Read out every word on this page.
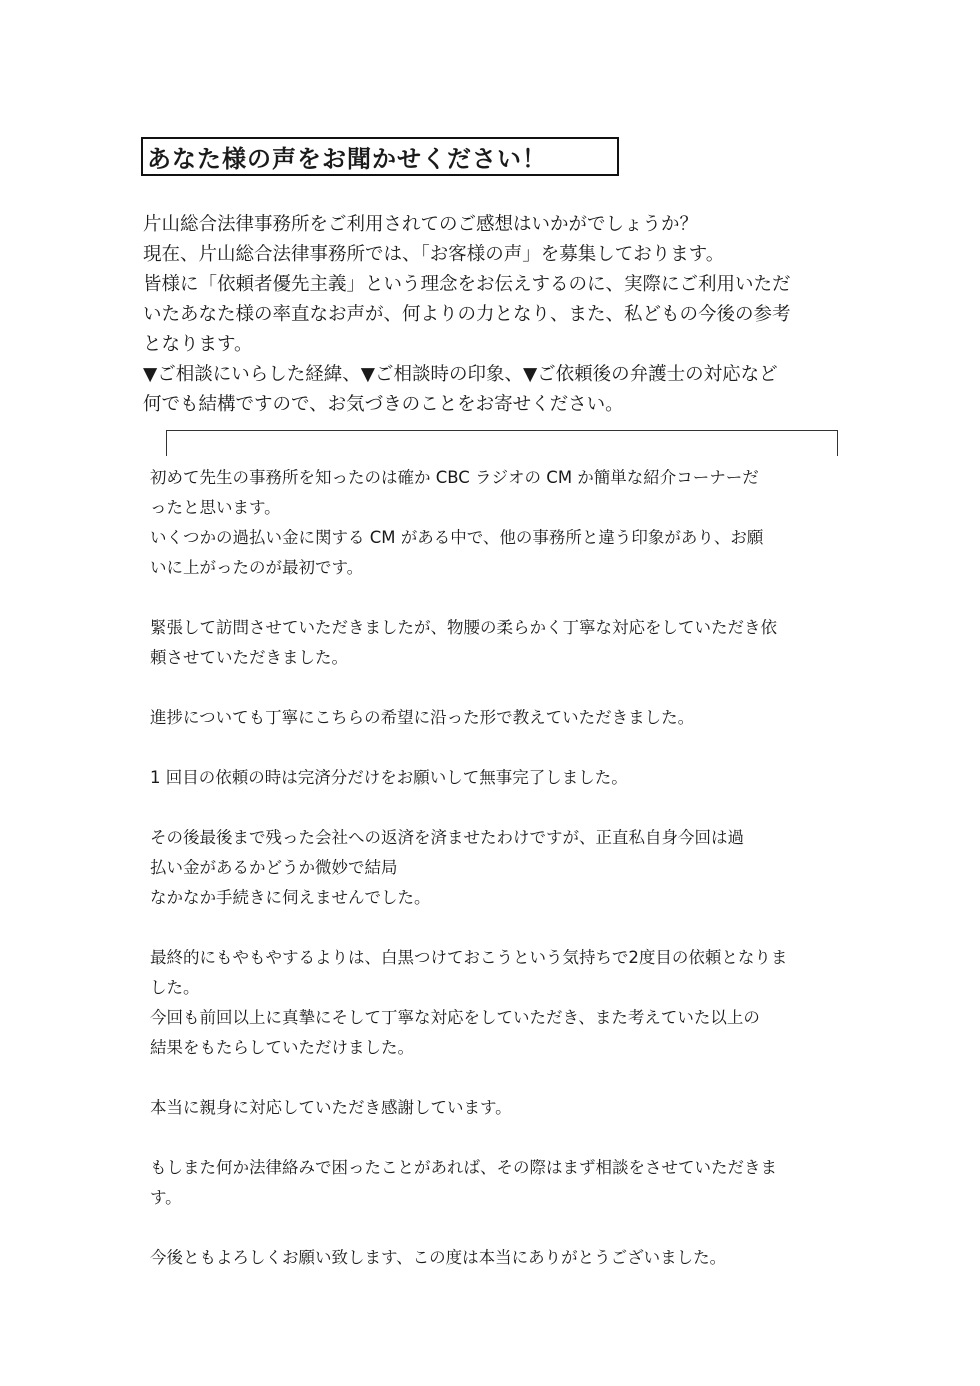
あなた様の声をお聞かせください！

片山総合法律事務所をご利用されてのご感想はいかがでしょうか？

現在、片山総合法律事務所では、「お客様の声」を募集しております。

皆様に「依頼者優先主義」という理念をお伝えするのに、実際にご利用いただ

いたあなた様の率直なお声が、何よりの力となり、また、私どもの今後の参考

となります。

▼ご相談にいらした経緯、▼ご相談時の印象、▼ご依頼後の弁護士の対応など

何でも結構ですので、お気づきのことをお寄せください。

初めて先生の事務所を知ったのは確か CBC ラジオの CM か簡単な紹介コーナーだ
ったと思います。
いくつかの過払い金に関する CM がある中で、他の事務所と違う印象があり、お願
いに上がったのが最初です。
緊張して訪問させていただきましたが、物腰の柔らかく丁寧な対応をしていただき依
頼させていただきました。
進捗についても丁寧にこちらの希望に沿った形で教えていただきました。
1 回目の依頼の時は完済分だけをお願いして無事完了しました。
その後最後まで残った会社への返済を済ませたわけですが、正直私自身今回は過
払い金があるかどうか微妙で結局
なかなか手続きに伺えませんでした。
最終的にもやもやするよりは、白黒つけておこうという気持ちで2度目の依頼となりま
した。
今回も前回以上に真摯にそして丁寧な対応をしていただき、また考えていた以上の
結果をもたらしていただけました。
本当に親身に対応していただき感謝しています。
もしまた何か法律絡みで困ったことがあれば、その際はまず相談をさせていただきま
す。
今後ともよろしくお願い致します、この度は本当にありがとうございました。
